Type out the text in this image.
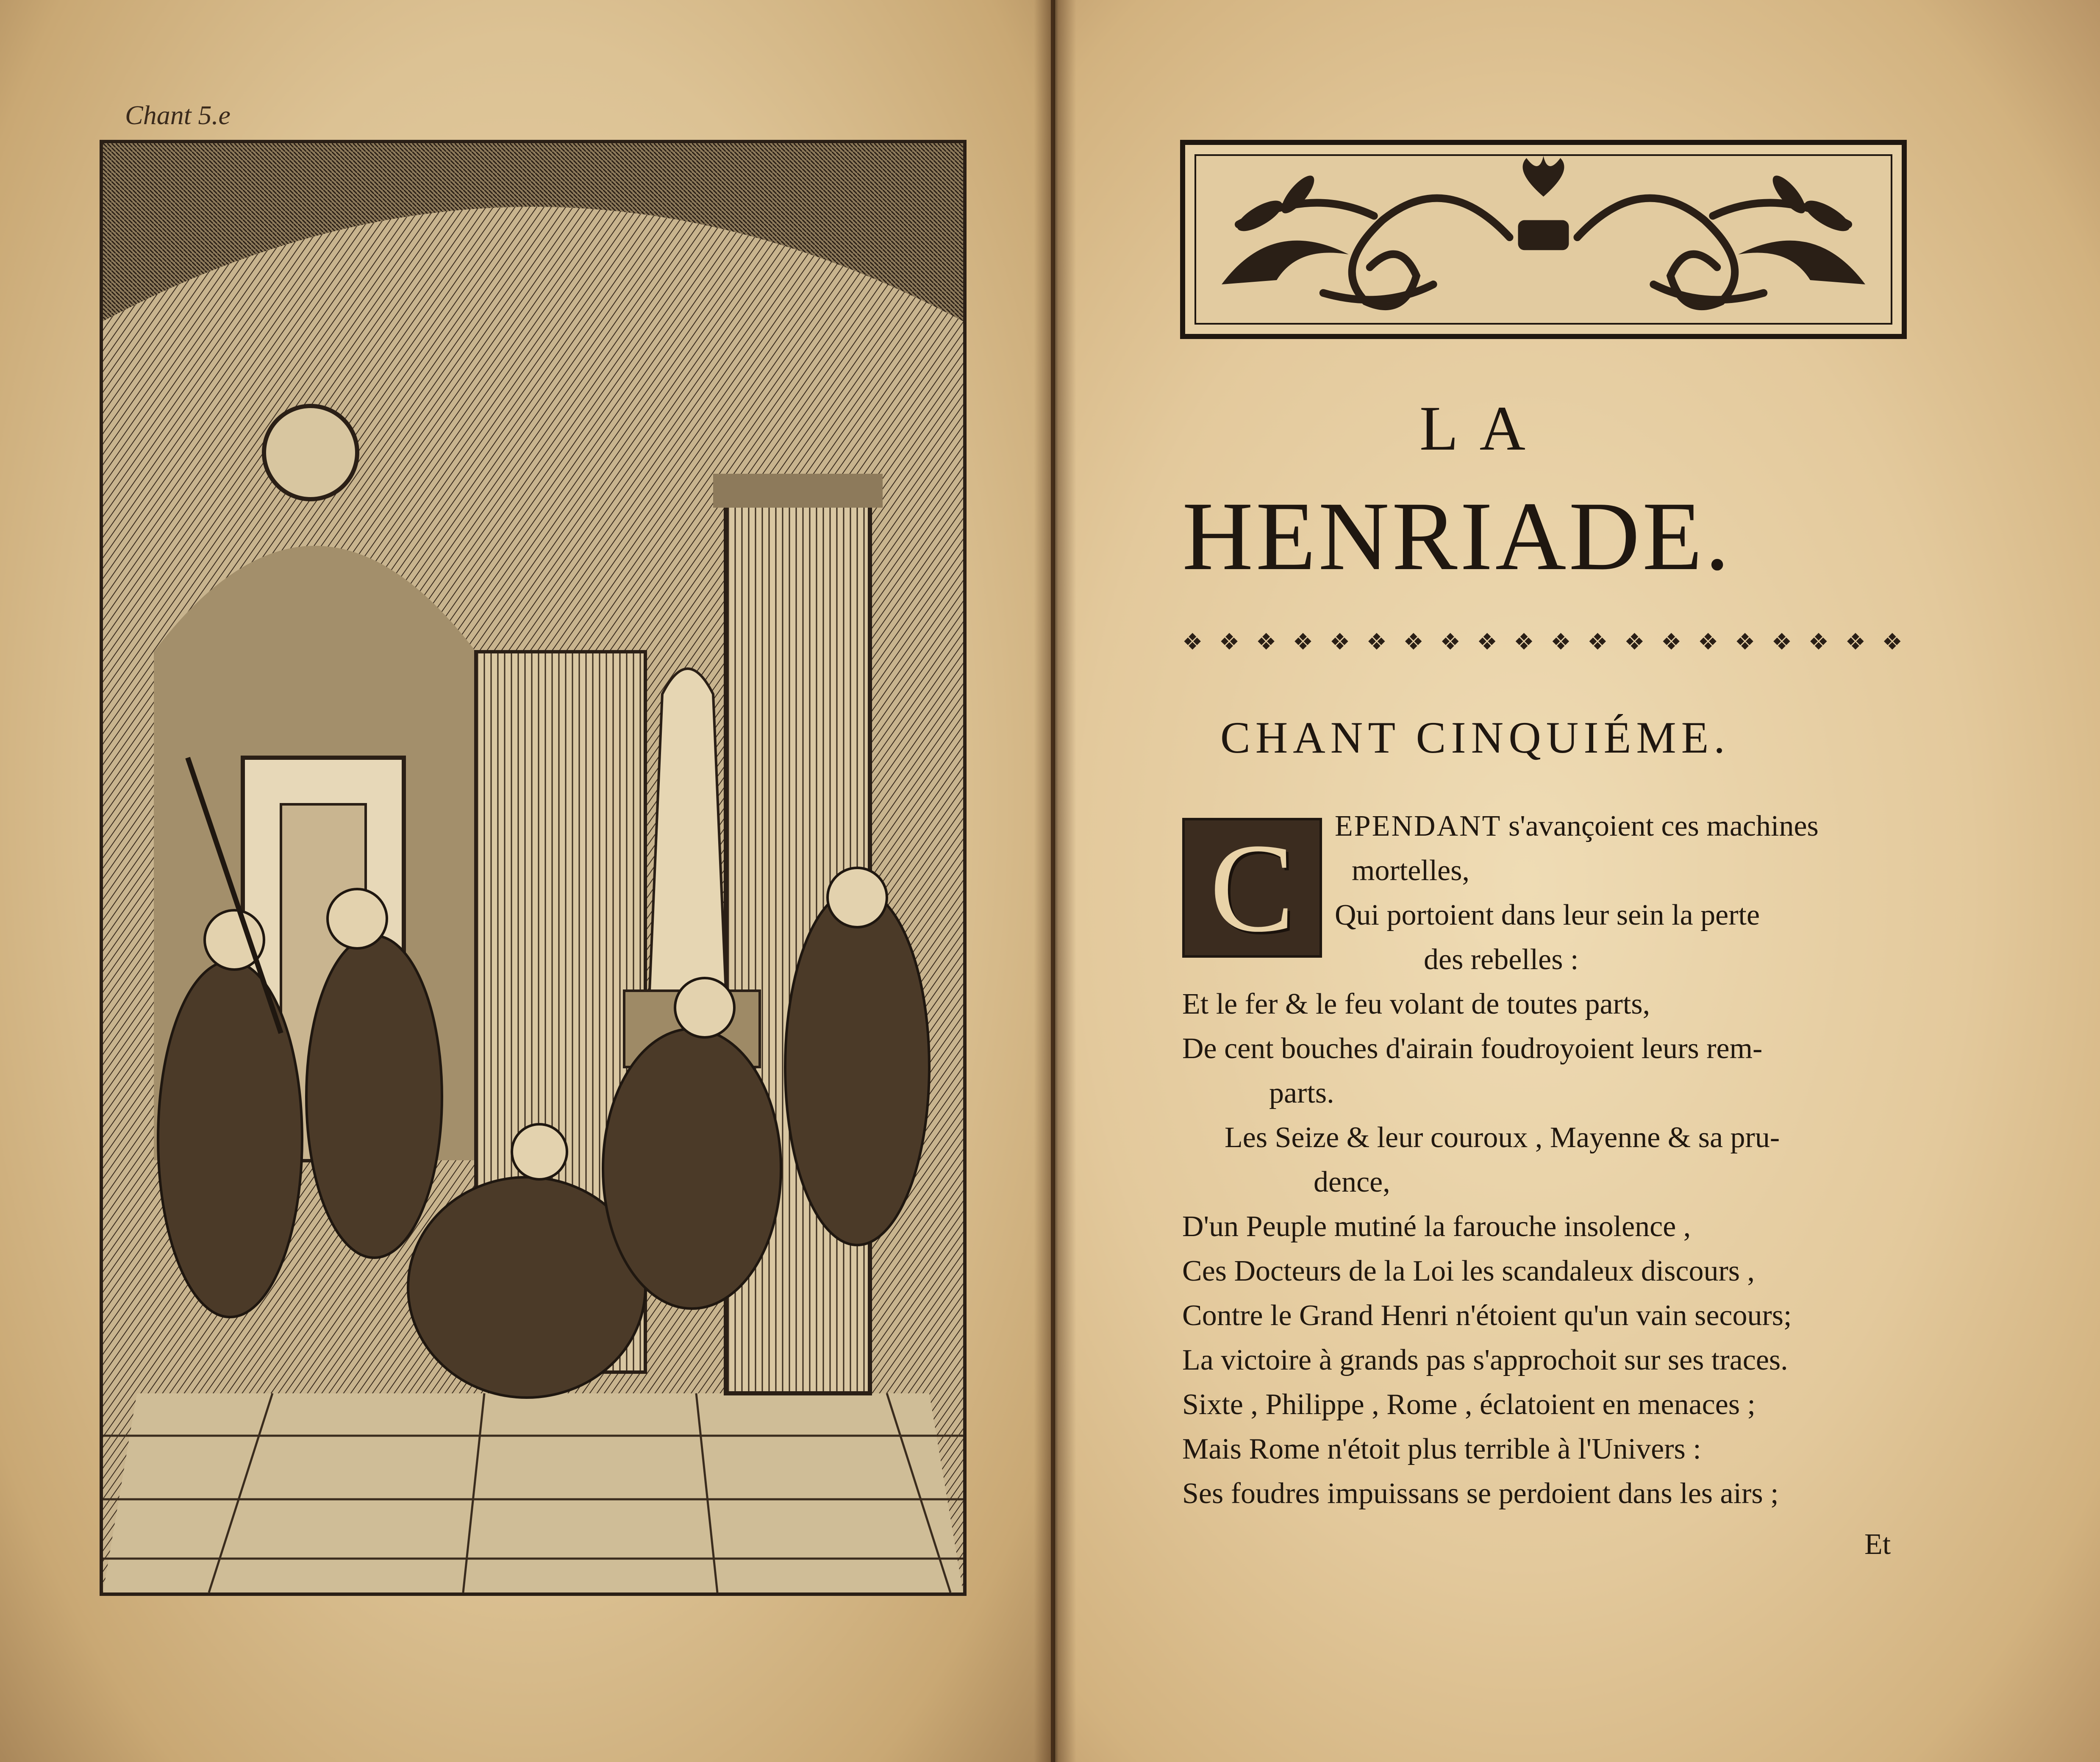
Chant 5.e
LA
HENRIADE.
❖ ❖ ❖ ❖ ❖ ❖ ❖ ❖ ❖ ❖ ❖ ❖ ❖ ❖ ❖ ❖ ❖ ❖ ❖ ❖
CHANT CINQUIÉME.
C EPENDANT s'avançoient ces machines
mortelles,
Qui portoient dans leur sein la perte
des rebelles :
Et le fer & le feu volant de toutes parts,
De cent bouches d'airain foudroyoient leurs rem-
parts.
Les Seize & leur couroux , Mayenne & sa pru-
dence,
D'un Peuple mutiné la farouche insolence ,
Ces Docteurs de la Loi les scandaleux discours ,
Contre le Grand Henri n'étoient qu'un vain secours;
La victoire à grands pas s'approchoit sur ses traces.
Sixte , Philippe , Rome , éclatoient en menaces ;
Mais Rome n'étoit plus terrible à l'Univers :
Ses foudres impuissans se perdoient dans les airs ;
Et
